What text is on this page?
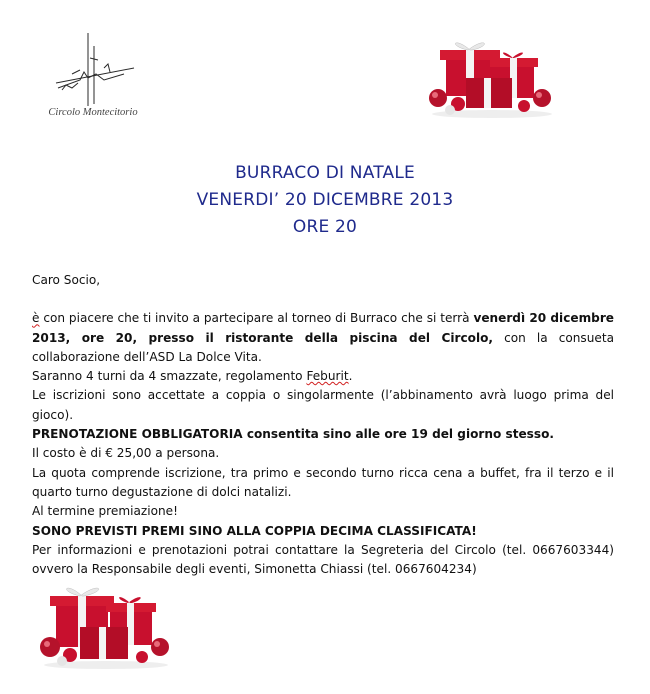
Circolo Montecitorio
BURRACO DI NATALE
VENERDI’ 20 DICEMBRE 2013
ORE 20

Caro Socio,

è con piacere che ti invito a partecipare al torneo di Burraco che si terrà venerdì 20 dicembre 2013, ore 20, presso il ristorante della piscina del Circolo, con la consueta collaborazione dell’ASD La Dolce Vita.

Saranno 4 turni da 4 smazzate, regolamento Feburit.

Le iscrizioni sono accettate a coppia o singolarmente (l’abbinamento avrà luogo prima del gioco).

PRENOTAZIONE OBBLIGATORIA consentita sino alle ore 19 del giorno stesso.

Il costo è di € 25,00 a persona.

La quota comprende iscrizione, tra primo e secondo turno ricca cena a buffet, fra il terzo e il quarto turno degustazione di dolci natalizi.

Al termine premiazione!

SONO PREVISTI PREMI SINO ALLA COPPIA DECIMA CLASSIFICATA!

Per informazioni e prenotazioni potrai contattare la Segreteria del Circolo (tel. 0667603344) ovvero la Responsabile degli eventi, Simonetta Chiassi (tel. 0667604234)
